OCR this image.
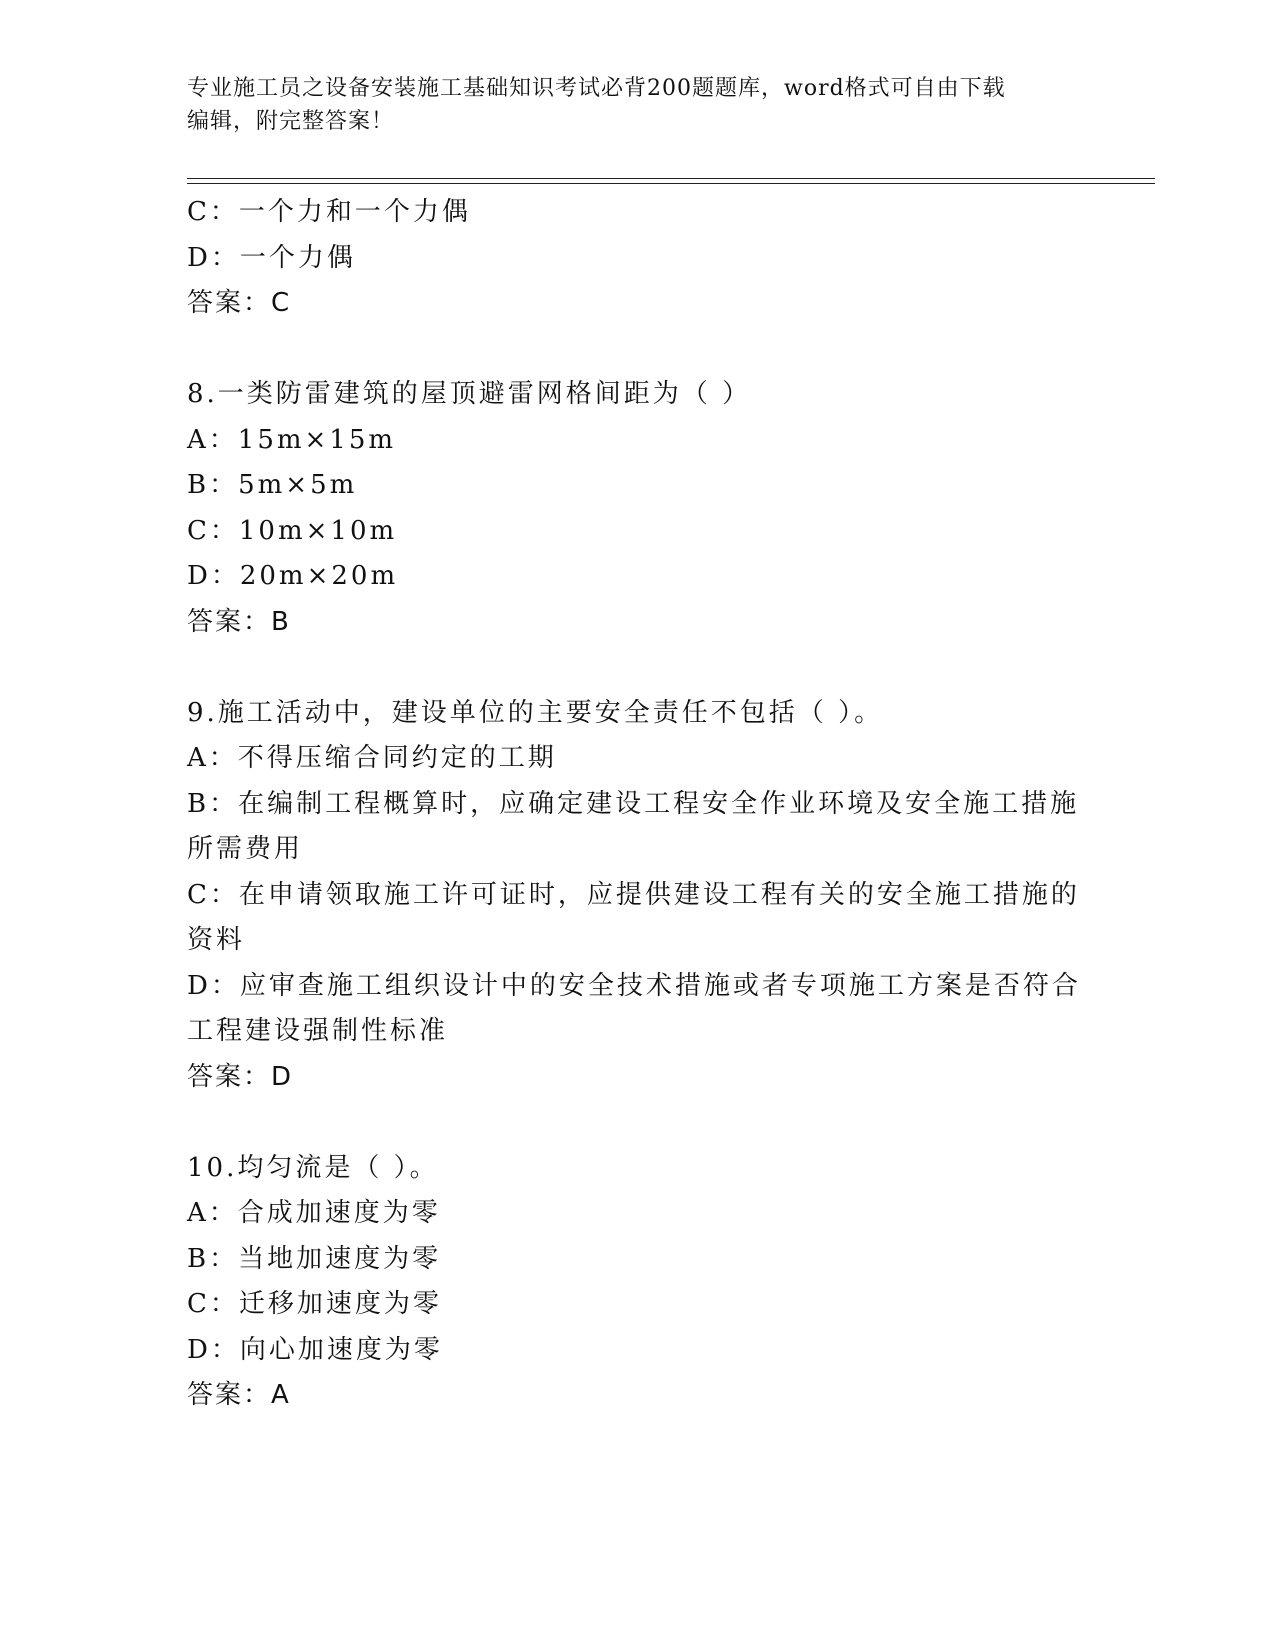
专业施工员之设备安装施工基础知识考试必背200题题库，word格式可自由下载
编辑，附完整答案！

C：一个力和一个力偶

D：一个力偶

答案：C

8.一类防雷建筑的屋顶避雷网格间距为（ ）

A：15m×15m

B：5m×5m

C：10m×10m

D：20m×20m

答案：B

9.施工活动中，建设单位的主要安全责任不包括（ ）。

A：不得压缩合同约定的工期

B：在编制工程概算时，应确定建设工程安全作业环境及安全施工措施

所需费用

C：在申请领取施工许可证时，应提供建设工程有关的安全施工措施的

资料

D：应审查施工组织设计中的安全技术措施或者专项施工方案是否符合

工程建设强制性标准

答案：D

10.均匀流是（ ）。

A：合成加速度为零

B：当地加速度为零

C：迁移加速度为零

D：向心加速度为零

答案：A
